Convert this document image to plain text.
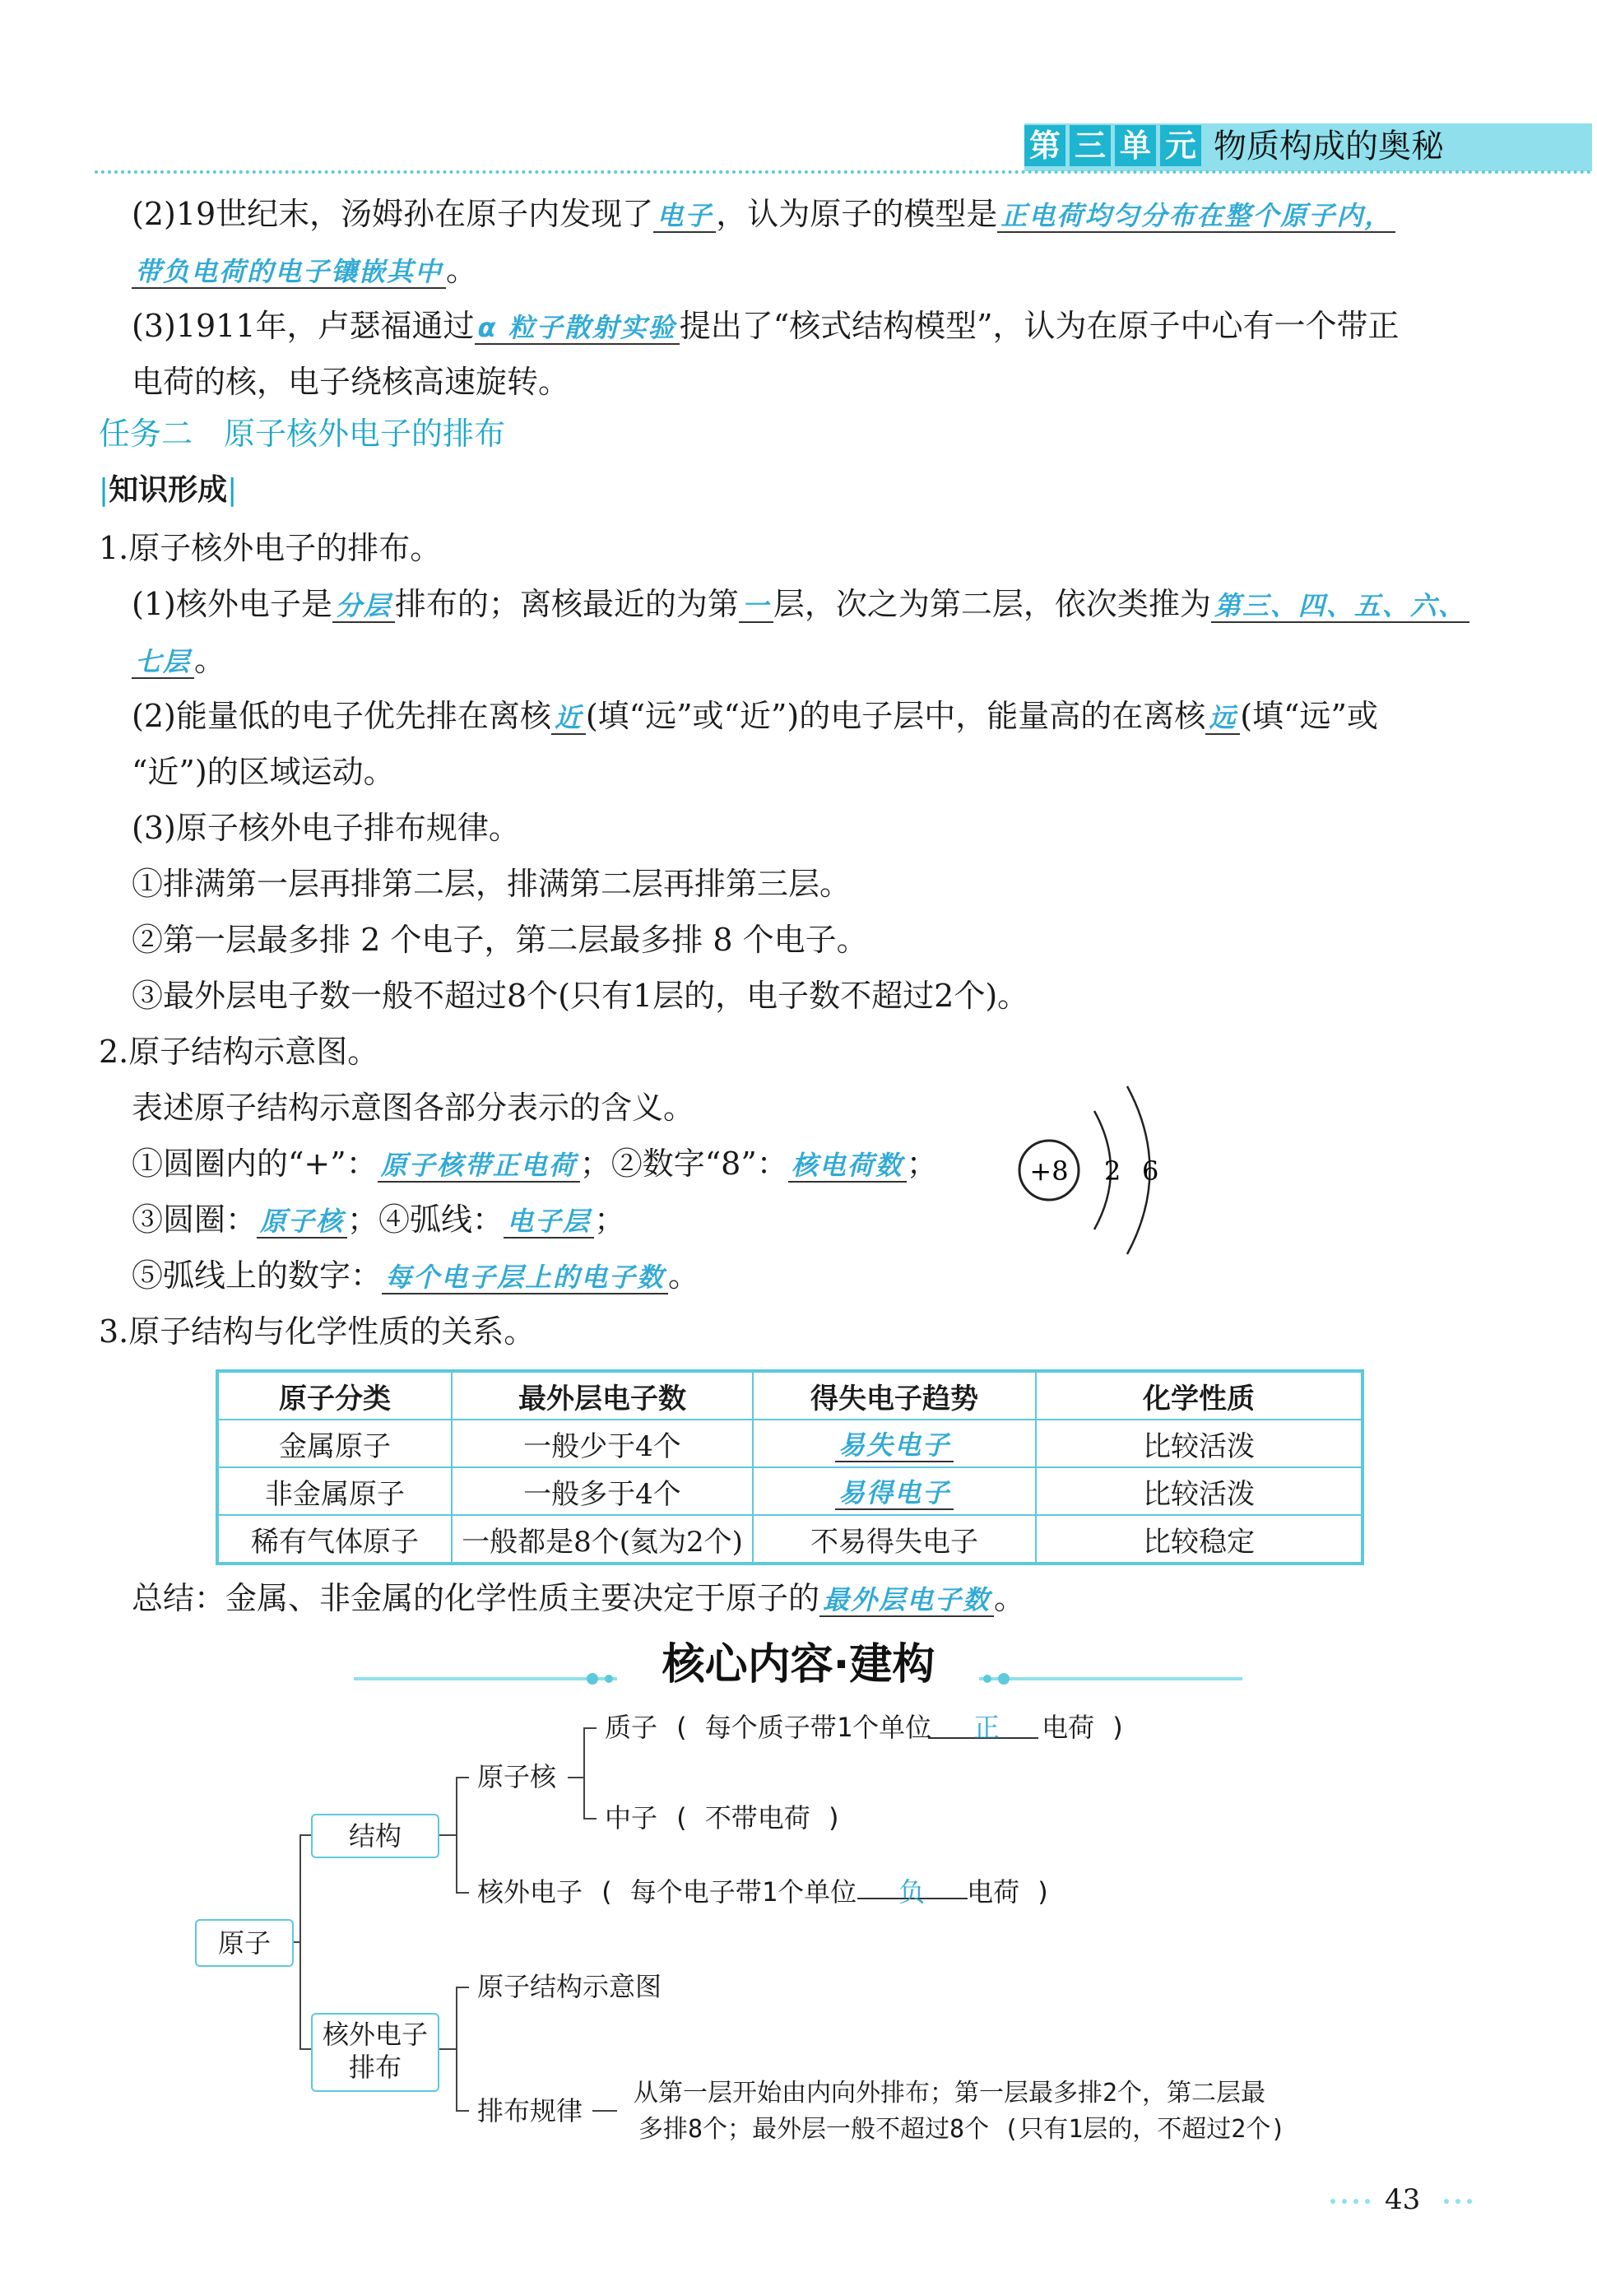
第 三 单 元 物质构成的奥秘
(2)19世纪末，汤姆孙在原子内发现了 电子 ，认为原子的模型是 正电荷均匀分布在整个原子内，
带负电荷的电子镶嵌其中 。
(3)1911年，卢瑟福通过 α 粒子散射实验 提出了“核式结构模型”，认为在原子中心有一个带正
电荷的核，电子绕核高速旋转。
任务二　原子核外电子的排布
|知识形成|
1.原子核外电子的排布。
(1)核外电子是 分层 排布的；离核最近的为第 一 层，次之为第二层，依次类推为 第三、四、五、六、
七层 。
(2)能量低的电子优先排在离核 近 (填“远”或“近”)的电子层中，能量高的在离核 远 (填“远”或
“近”)的区域运动。
(3)原子核外电子排布规律。
①排满第一层再排第二层，排满第二层再排第三层。
②第一层最多排 2 个电子，第二层最多排 8 个电子。
③最外层电子数一般不超过8个(只有1层的，电子数不超过2个)。
2.原子结构示意图。
表述原子结构示意图各部分表示的含义。
①圆圈内的“+”： 原子核带正电荷 ；②数字“8”： 核电荷数 ；
③圆圈： 原子核 ；④弧线： 电子层 ；
⑤弧线上的数字： 每个电子层上的电子数 。
+8 2 6
3.原子结构与化学性质的关系。
原子分类	最外层电子数	得失电子趋势	化学性质
金属原子	一般少于4个	易失电子	比较活泼
非金属原子	一般多于4个	易得电子	比较活泼
稀有气体原子	一般都是8个(氦为2个)	不易得失电子	比较稳定
总结：金属、非金属的化学性质主要决定于原子的 最外层电子数 。
核心内容·建构
原子
结构
原子核
质子 ( 每个质子带1个单位 正 电荷 )
中子 ( 不带电荷 )
核外电子 ( 每个电子带1个单位 负 电荷 )
核外电子
排布
原子结构示意图
排布规律
从第一层开始由内向外排布；第一层最多排2个，第二层最
多排8个；最外层一般不超过8个 (只有1层的，不超过2个)
43
